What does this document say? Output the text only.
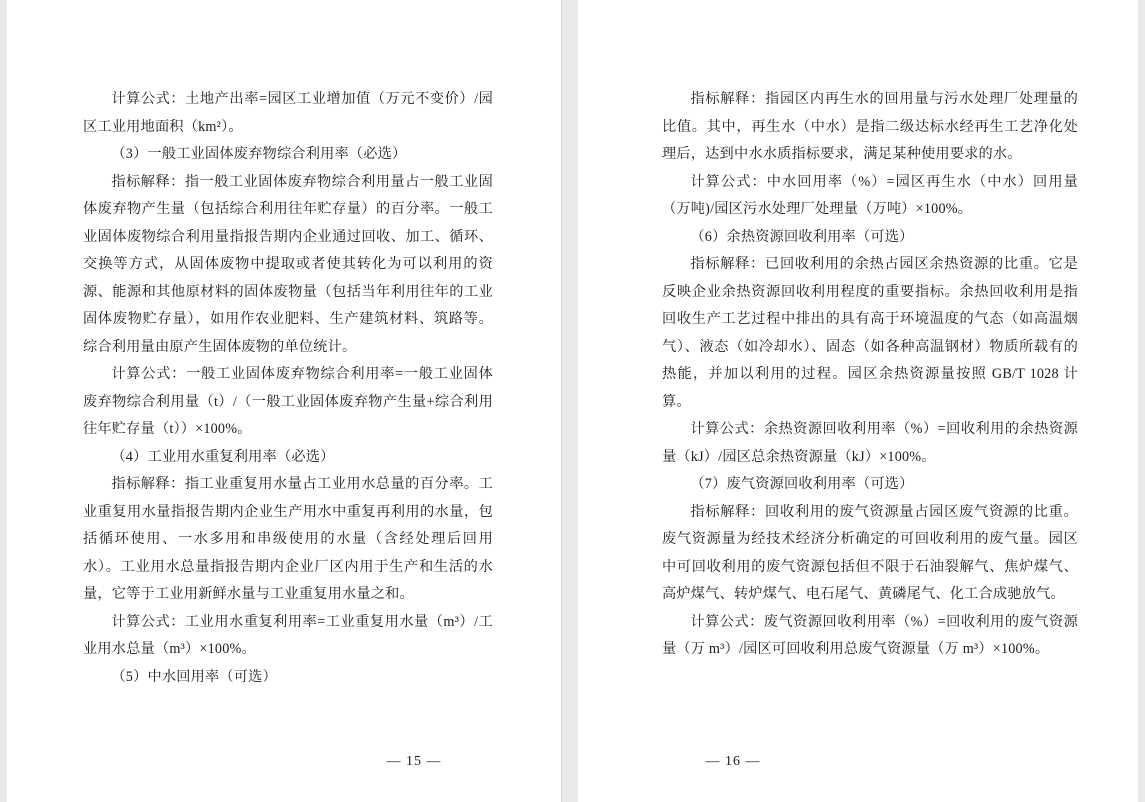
计算公式：土地产出率=园区工业增加值（万元不变价）/园区工业用地面积（km²）。

（3）一般工业固体废弃物综合利用率（必选）

指标解释：指一般工业固体废弃物综合利用量占一般工业固体废弃物产生量（包括综合利用往年贮存量）的百分率。一般工业固体废物综合利用量指报告期内企业通过回收、加工、循环、交换等方式，从固体废物中提取或者使其转化为可以利用的资源、能源和其他原材料的固体废物量（包括当年利用往年的工业固体废物贮存量），如用作农业肥料、生产建筑材料、筑路等。综合利用量由原产生固体废物的单位统计。

计算公式：一般工业固体废弃物综合利用率=一般工业固体废弃物综合利用量（t）/（一般工业固体废弃物产生量+综合利用往年贮存量（t））×100%。

（4）工业用水重复利用率（必选）

指标解释：指工业重复用水量占工业用水总量的百分率。工业重复用水量指报告期内企业生产用水中重复再利用的水量，包括循环使用、一水多用和串级使用的水量（含经处理后回用水）。工业用水总量指报告期内企业厂区内用于生产和生活的水量，它等于工业用新鲜水量与工业重复用水量之和。

计算公式：工业用水重复利用率=工业重复用水量（m³）/工业用水总量（m³）×100%。

（5）中水回用率（可选）

— 15 —

指标解释：指园区内再生水的回用量与污水处理厂处理量的比值。其中，再生水（中水）是指二级达标水经再生工艺净化处理后，达到中水水质指标要求，满足某种使用要求的水。

计算公式：中水回用率（%）=园区再生水（中水）回用量（万吨)/园区污水处理厂处理量（万吨）×100%。

（6）余热资源回收利用率（可选）

指标解释：已回收利用的余热占园区余热资源的比重。它是反映企业余热资源回收利用程度的重要指标。余热回收利用是指回收生产工艺过程中排出的具有高于环境温度的气态（如高温烟气）、液态（如冷却水）、固态（如各种高温钢材）物质所载有的热能，并加以利用的过程。园区余热资源量按照 GB/T 1028 计算。

计算公式：余热资源回收利用率（%）=回收利用的余热资源量（kJ）/园区总余热资源量（kJ）×100%。

（7）废气资源回收利用率（可选）

指标解释：回收利用的废气资源量占园区废气资源的比重。废气资源量为经技术经济分析确定的可回收利用的废气量。园区中可回收利用的废气资源包括但不限于石油裂解气、焦炉煤气、高炉煤气、转炉煤气、电石尾气、黄磷尾气、化工合成驰放气。

计算公式：废气资源回收利用率（%）=回收利用的废气资源量（万 m³）/园区可回收利用总废气资源量（万 m³）×100%。

— 16 —
